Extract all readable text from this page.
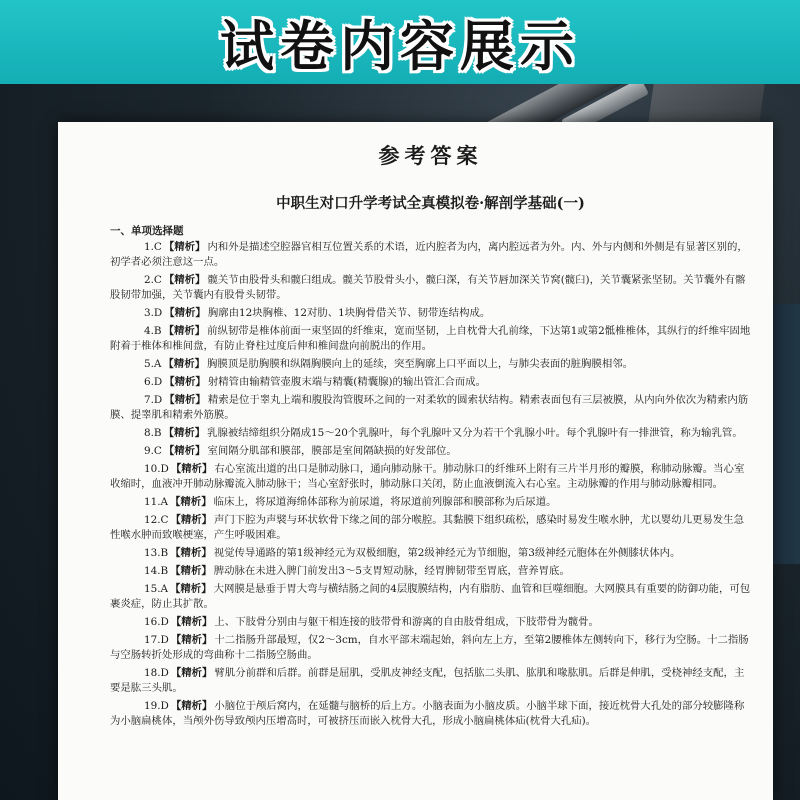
试卷内容展示
参考答案
中职生对口升学考试全真模拟卷·解剖学基础(一)
一、单项选择题

1.C 【精析】 内和外是描述空腔器官相互位置关系的术语，近内腔者为内，离内腔远者为外。内、外与内侧和外侧是有显著区别的，初学者必须注意这一点。

2.C 【精析】 髋关节由股骨头和髋臼组成。髋关节股骨头小，髋臼深，有关节唇加深关节窝(髋臼)，关节囊紧张坚韧。关节囊外有髂股韧带加强，关节囊内有股骨头韧带。

3.D 【精析】 胸廓由12块胸椎、12对肋、1块胸骨借关节、韧带连结构成。

4.B 【精析】 前纵韧带是椎体前面一束坚固的纤维束，宽而坚韧，上自枕骨大孔前缘，下达第1或第2骶椎椎体，其纵行的纤维牢固地附着于椎体和椎间盘，有防止脊柱过度后伸和椎间盘向前脱出的作用。

5.A 【精析】 胸膜顶是肋胸膜和纵隔胸膜向上的延续，突至胸廓上口平面以上，与肺尖表面的脏胸膜相邻。

6.D 【精析】 射精管由输精管壶腹末端与精囊(精囊腺)的输出管汇合而成。

7.D 【精析】 精索是位于睾丸上端和腹股沟管腹环之间的一对柔软的圆索状结构。精索表面包有三层被膜，从内向外依次为精索内筋膜、提睾肌和精索外筋膜。

8.B 【精析】 乳腺被结缔组织分隔成15～20个乳腺叶，每个乳腺叶又分为若干个乳腺小叶。每个乳腺叶有一排泄管，称为输乳管。

9.C 【精析】 室间隔分肌部和膜部，膜部是室间隔缺损的好发部位。

10.D 【精析】 右心室流出道的出口是肺动脉口，通向肺动脉干。肺动脉口的纤维环上附有三片半月形的瓣膜，称肺动脉瓣。当心室收缩时，血液冲开肺动脉瓣流入肺动脉干；当心室舒张时，肺动脉口关闭，防止血液倒流入右心室。主动脉瓣的作用与肺动脉瓣相同。

11.A 【精析】 临床上，将尿道海绵体部称为前尿道，将尿道前列腺部和膜部称为后尿道。

12.C 【精析】 声门下腔为声襞与环状软骨下缘之间的部分喉腔。其黏膜下组织疏松，感染时易发生喉水肿，尤以婴幼儿更易发生急性喉水肿而致喉梗塞，产生呼吸困难。

13.B 【精析】 视觉传导通路的第1级神经元为双极细胞，第2级神经元为节细胞，第3级神经元胞体在外侧膝状体内。

14.B 【精析】 脾动脉在未进入脾门前发出3～5支胃短动脉，经胃脾韧带至胃底，营养胃底。

15.A 【精析】 大网膜是悬垂于胃大弯与横结肠之间的4层腹膜结构，内有脂肪、血管和巨噬细胞。大网膜具有重要的防御功能，可包裹炎症，防止其扩散。

16.D 【精析】 上、下肢骨分别由与躯干相连接的肢带骨和游离的自由肢骨组成，下肢带骨为髋骨。

17.D 【精析】 十二指肠升部最短，仅2～3cm，自水平部末端起始，斜向左上方，至第2腰椎体左侧转向下，移行为空肠。十二指肠与空肠转折处形成的弯曲称十二指肠空肠曲。

18.D 【精析】 臂肌分前群和后群。前群是屈肌，受肌皮神经支配，包括肱二头肌、肱肌和喙肱肌。后群是伸肌，受桡神经支配，主要是肱三头肌。

19.D 【精析】 小脑位于颅后窝内，在延髓与脑桥的后上方。小脑表面为小脑皮质。小脑半球下面，接近枕骨大孔处的部分较膨隆称为小脑扁桃体，当颅外伤导致颅内压增高时，可被挤压而嵌入枕骨大孔，形成小脑扁桃体疝(枕骨大孔疝)。
